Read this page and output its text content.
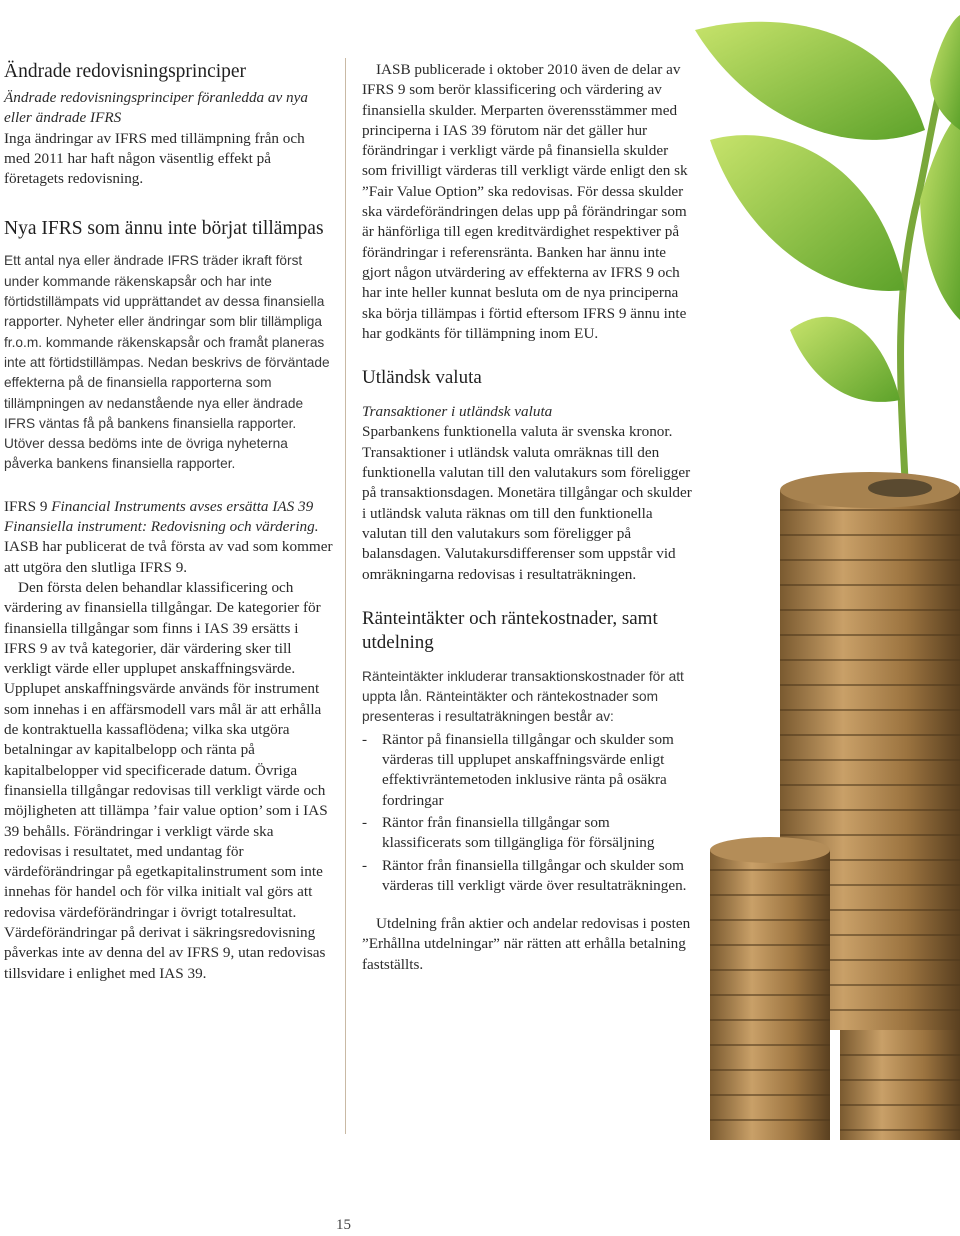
Ändrade redovisningsprinciper

Ändrade redovisningsprinciper föranledda av nya eller ändrade IFRS

Inga ändringar av IFRS med tillämpning från och med 2011 har haft någon väsentlig effekt på företagets redovisning.

Nya IFRS som ännu inte börjat tillämpas

Ett antal nya eller ändrade IFRS träder ikraft först under kommande räkenskapsår och har inte förtidstillämpats vid upprättandet av dessa finansiella rapporter. Nyheter eller ändringar som blir tillämpliga fr.o.m. kommande räkenskapsår och framåt planeras inte att förtidstillämpas. Nedan beskrivs de förväntade effekterna på de finansiella rapporterna som tillämpningen av nedanstående nya eller ändrade IFRS väntas få på bankens finansiella rapporter. Utöver dessa bedöms inte de övriga nyheterna påverka bankens finansiella rapporter.

IFRS 9 Financial Instruments avses ersätta IAS 39 Finansiella instrument: Redovisning och värdering.

IASB har publicerat de två första av vad som kommer att utgöra den slutliga IFRS 9.

Den första delen behandlar klassificering och värdering av finansiella tillgångar. De kategorier för finansiella tillgångar som finns i IAS 39 ersätts i IFRS 9 av två kategorier, där värdering sker till verkligt värde eller upplupet anskaffningsvärde. Upplupet anskaffningsvärde används för instrument som innehas i en affärsmodell vars mål är att erhålla de kontraktuella kassaflödena; vilka ska utgöra betalningar av kapitalbelopp och ränta på kapitalbelopper vid specificerade datum. Övriga finansiella tillgångar redovisas till verkligt värde och möjligheten att tillämpa ’fair value option’ som i IAS 39 behålls. Förändringar i verkligt värde ska redovisas i resultatet, med undantag för värdeförändringar på egetkapitalinstrument som inte innehas för handel och för vilka initialt val görs att redovisa värdeförändringar i övrigt totalresultat. Värdeförändringar på derivat i säkringsredovisning påverkas inte av denna del av IFRS 9, utan redovisas tillsvidare i enlighet med IAS 39.

IASB publicerade i oktober 2010 även de delar av IFRS 9 som berör klassificering och värdering av finansiella skulder. Merparten överensstämmer med principerna i IAS 39 förutom när det gäller hur förändringar i verkligt värde på finansiella skulder som frivilligt värderas till verkligt värde enligt den sk ”Fair Value Option” ska redovisas. För dessa skulder ska värdeförändringen delas upp på förändringar som är hänförliga till egen kreditvärdighet respektiver på förändringar i referensränta. Banken har ännu inte gjort någon utvärdering av effekterna av IFRS 9 och har inte heller kunnat besluta om de nya principerna ska börja tillämpas i förtid eftersom IFRS 9 ännu inte har godkänts för tillämpning inom EU.

Utländsk valuta

Transaktioner i utländsk valuta

Sparbankens funktionella valuta är svenska kronor. Transaktioner i utländsk valuta omräknas till den funktionella valutan till den valutakurs som föreligger på transaktionsdagen. Monetära tillgångar och skulder i utländsk valuta räknas om till den funktionella valutan till den valutakurs som föreligger på balansdagen. Valutakursdifferenser som uppstår vid omräkningarna redovisas i resultaträkningen.

Ränteintäkter och räntekostnader, samt utdelning

Ränteintäkter inkluderar transaktionskostnader för att uppta lån. Ränteintäkter och räntekostnader som presenteras i resultaträkningen består av:

- Räntor på finansiella tillgångar och skulder som värderas till upplupet anskaffningsvärde enligt effektivräntemetoden inklusive ränta på osäkra fordringar
- Räntor från finansiella tillgångar som klassificerats som tillgängliga för försäljning
- Räntor från finansiella tillgångar och skulder som värderas till verkligt värde över resultaträkningen.

Utdelning från aktier och andelar redovisas i posten ”Erhållna utdelningar” när rätten att erhålla betalning fastställts.

15
